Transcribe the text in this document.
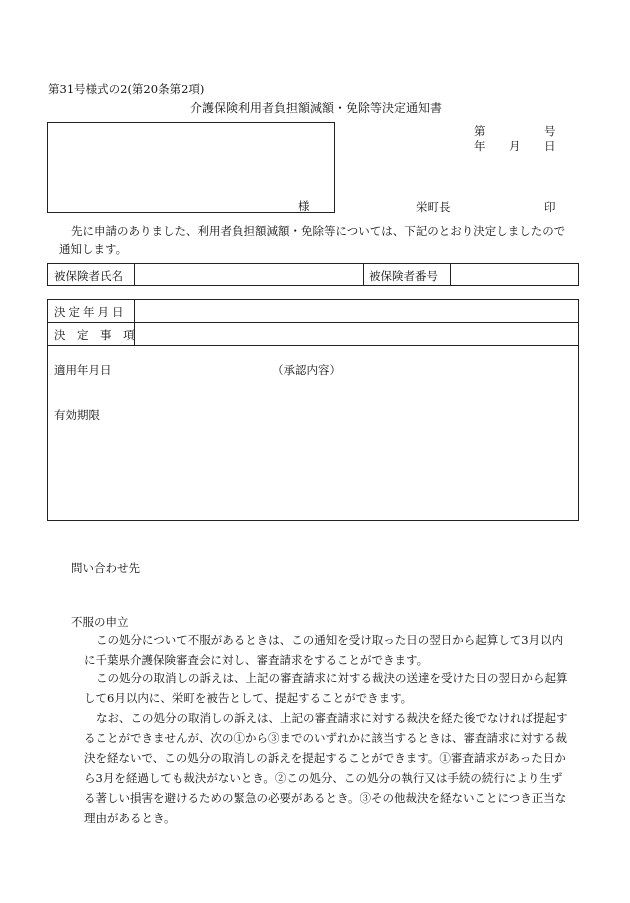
第31号様式の2(第20条第2項)
介護保険利用者負担額減額・免除等決定通知書
様
第	号
年 月 日
栄町長	印
先に申請のありました、利用者負担額減額・免除等については、下記のとおり決定しましたので
通知します。
被保険者氏名	被保険者番号
決定年月日
決　定　事　項
適用年月日	（承認内容）
有効期限
問い合わせ先
不服の申立
この処分について不服があるときは、この通知を受け取った日の翌日から起算して3月以内
に千葉県介護保険審査会に対し、審査請求をすることができます。
この処分の取消しの訴えは、上記の審査請求に対する裁決の送達を受けた日の翌日から起算
して6月以内に、栄町を被告として、提起することができます。
なお、この処分の取消しの訴えは、上記の審査請求に対する裁決を経た後でなければ提起す
ることができませんが、次の①から③までのいずれかに該当するときは、審査請求に対する裁
決を経ないで、この処分の取消しの訴えを提起することができます。①審査請求があった日か
ら3月を経過しても裁決がないとき。②この処分、この処分の執行又は手続の続行により生ず
る著しい損害を避けるための緊急の必要があるとき。③その他裁決を経ないことにつき正当な
理由があるとき。
